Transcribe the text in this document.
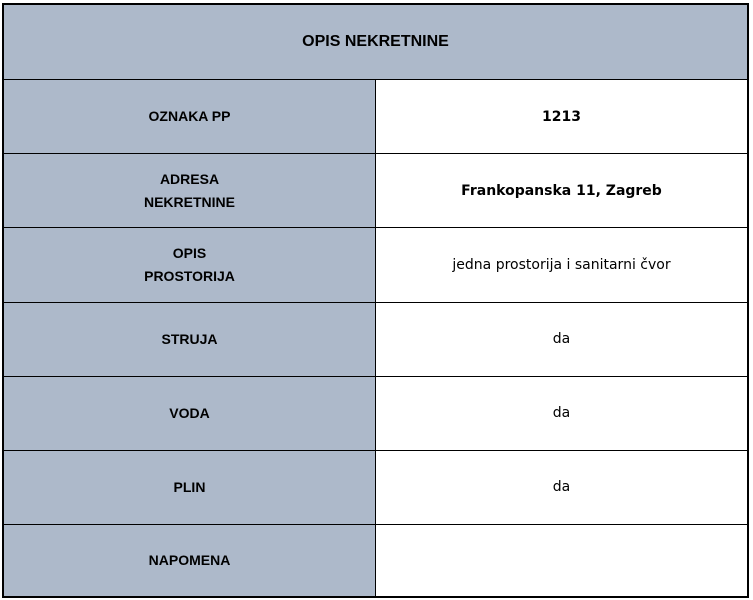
OPIS NEKRETNINE	
OZNAKA PP	1213
ADRESA NEKRETNINE	Frankopanska 11, Zagreb
OPIS PROSTORIJA	jedna prostorija i sanitarni čvor
STRUJA	da
VODA	da
PLIN	da
NAPOMENA	
